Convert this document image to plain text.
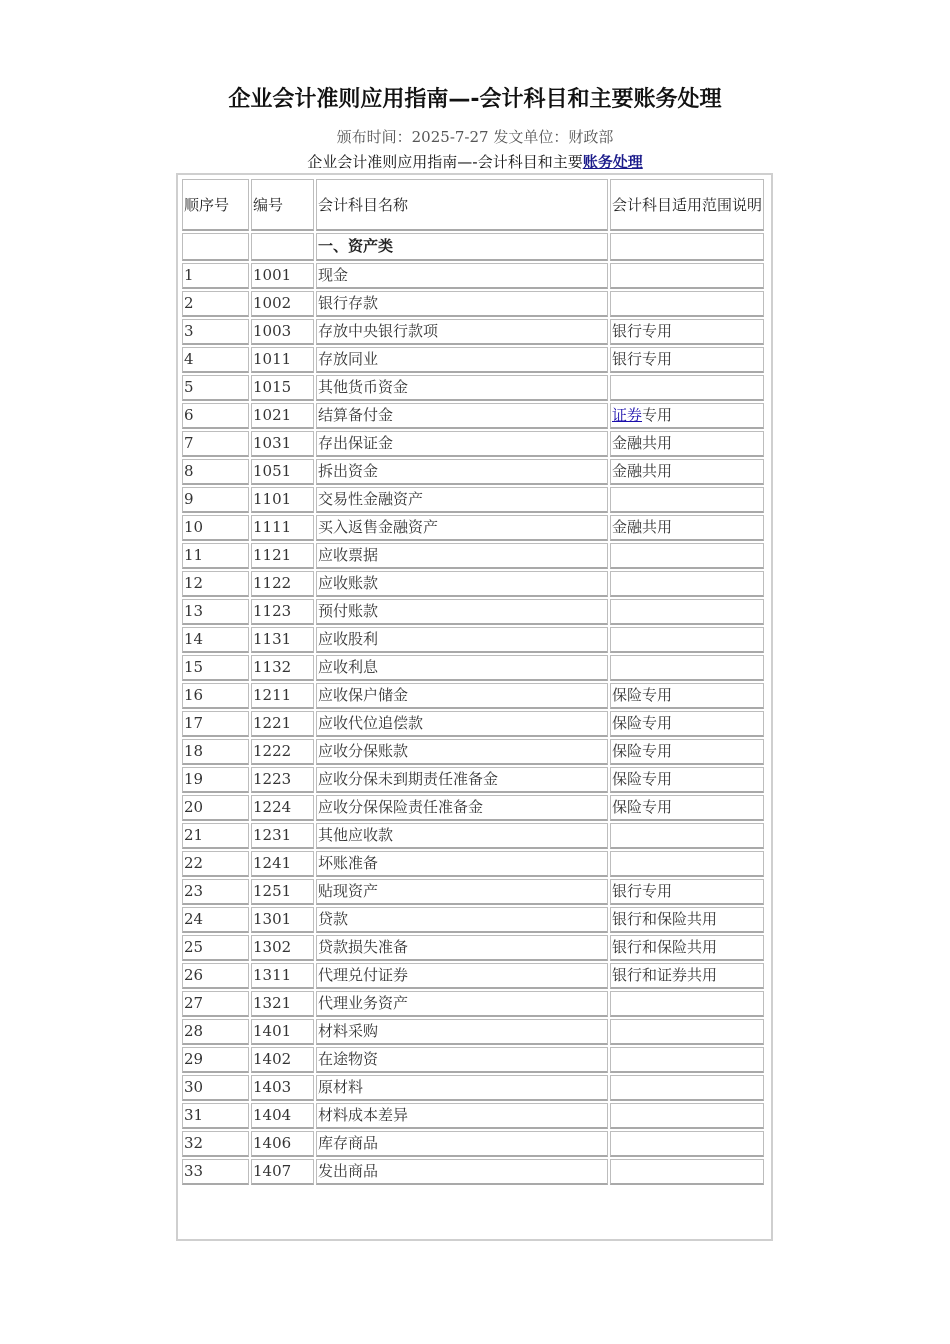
企业会计准则应用指南—-会计科目和主要账务处理
颁布时间：2025-7-27 发文单位：财政部
企业会计准则应用指南—-会计科目和主要账务处理
顺序号	编号	会计科目名称	会计科目适用范围说明
		一、资产类	
1	1001	现金	
2	1002	银行存款	
3	1003	存放中央银行款项	银行专用
4	1011	存放同业	银行专用
5	1015	其他货币资金	
6	1021	结算备付金	证券专用
7	1031	存出保证金	金融共用
8	1051	拆出资金	金融共用
9	1101	交易性金融资产	
10	1111	买入返售金融资产	金融共用
11	1121	应收票据	
12	1122	应收账款	
13	1123	预付账款	
14	1131	应收股利	
15	1132	应收利息	
16	1211	应收保户储金	保险专用
17	1221	应收代位追偿款	保险专用
18	1222	应收分保账款	保险专用
19	1223	应收分保未到期责任准备金	保险专用
20	1224	应收分保保险责任准备金	保险专用
21	1231	其他应收款	
22	1241	坏账准备	
23	1251	贴现资产	银行专用
24	1301	贷款	银行和保险共用
25	1302	贷款损失准备	银行和保险共用
26	1311	代理兑付证券	银行和证券共用
27	1321	代理业务资产	
28	1401	材料采购	
29	1402	在途物资	
30	1403	原材料	
31	1404	材料成本差异	
32	1406	库存商品	
33	1407	发出商品	
